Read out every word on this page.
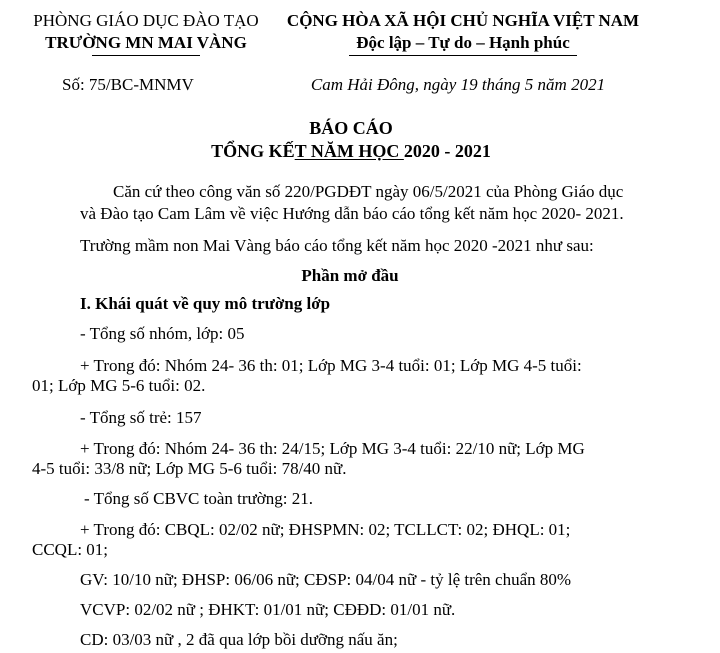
PHÒNG GIÁO DỤC ĐÀO TẠO
TRƯỜNG MN MAI VÀNG
CỘNG HÒA XÃ HỘI CHỦ NGHĨA VIỆT NAM
Độc lập – Tự do – Hạnh phúc
Số: 75/BC-MNMV	Cam Hải Đông, ngày 19 tháng 5 năm 2021
BÁO CÁO
TỔNG KẾT NĂM HỌC 2020 - 2021
Căn cứ theo công văn số 220/PGDĐT ngày 06/5/2021 của Phòng Giáo dục
và Đào tạo Cam Lâm về việc Hướng dẫn báo cáo tổng kết năm học 2020- 2021.
Trường mầm non Mai Vàng báo cáo tổng kết năm học 2020 -2021 như sau:
Phần mở đầu
I. Khái quát về quy mô trường lớp
- Tổng số nhóm, lớp: 05
+ Trong đó: Nhóm 24- 36 th: 01; Lớp MG 3-4 tuổi: 01; Lớp MG 4-5 tuổi:
01; Lớp MG 5-6 tuổi: 02.
- Tổng số trẻ: 157
+ Trong đó: Nhóm 24- 36 th: 24/15; Lớp MG 3-4 tuổi: 22/10 nữ; Lớp MG
4-5 tuổi: 33/8 nữ; Lớp MG 5-6 tuổi: 78/40 nữ.
- Tổng số CBVC toàn trường: 21.
+ Trong đó: CBQL: 02/02 nữ; ĐHSPMN: 02; TCLLCT: 02; ĐHQL: 01;
CCQL: 01;
GV: 10/10 nữ; ĐHSP: 06/06 nữ; CĐSP: 04/04 nữ - tỷ lệ trên chuẩn 80%
VCVP: 02/02 nữ ; ĐHKT: 01/01 nữ; CĐĐD: 01/01 nữ.
CD: 03/03 nữ , 2 đã qua lớp bồi dưỡng nấu ăn;
